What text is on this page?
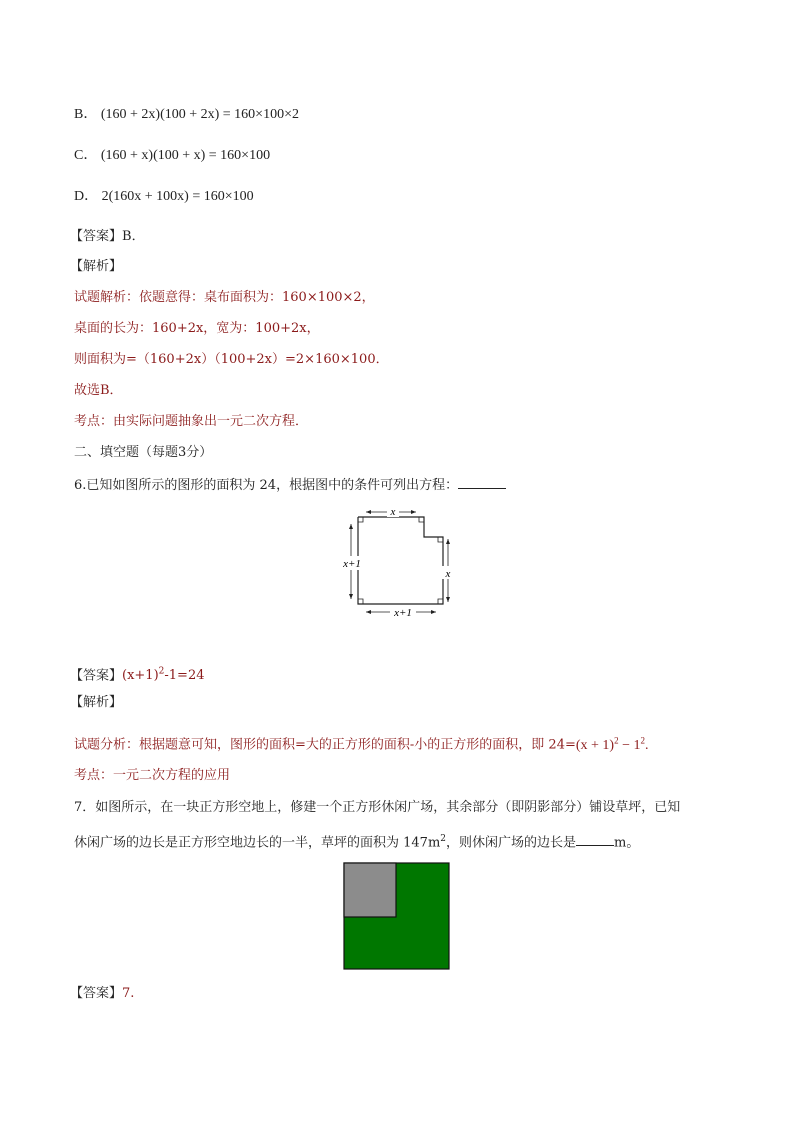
B． (160 + 2x)(100 + 2x) = 160×100×2
C． (160 + x)(100 + x) = 160×100
D． 2(160x + 100x) = 160×100
【答案】B．
【解析】
试题解析：依题意得：桌布面积为：160×100×2，
桌面的长为：160+2x，宽为：100+2x，
则面积为=（160+2x）（100+2x）=2×160×100．
故选B．
考点：由实际问题抽象出一元二次方程．
二、填空题（每题3分）
6.已知如图所示的图形的面积为 24，根据图中的条件可列出方程：
x
x+1
x
x+1
【答案】$(x+1)^2-1=24$
【解析】
试题分析：根据题意可知，图形的面积=大的正方形的面积-小的正方形的面积，即 $24=(x + 1)^2 - 1^2$.
考点：一元二次方程的应用
7．如图所示，在一块正方形空地上，修建一个正方形休闲广场，其余部分（即阴影部分）铺设草坪，已知
休闲广场的边长是正方形空地边长的一半，草坪的面积为 $147m^2$，则休闲广场的边长是	m。
【答案】7.
